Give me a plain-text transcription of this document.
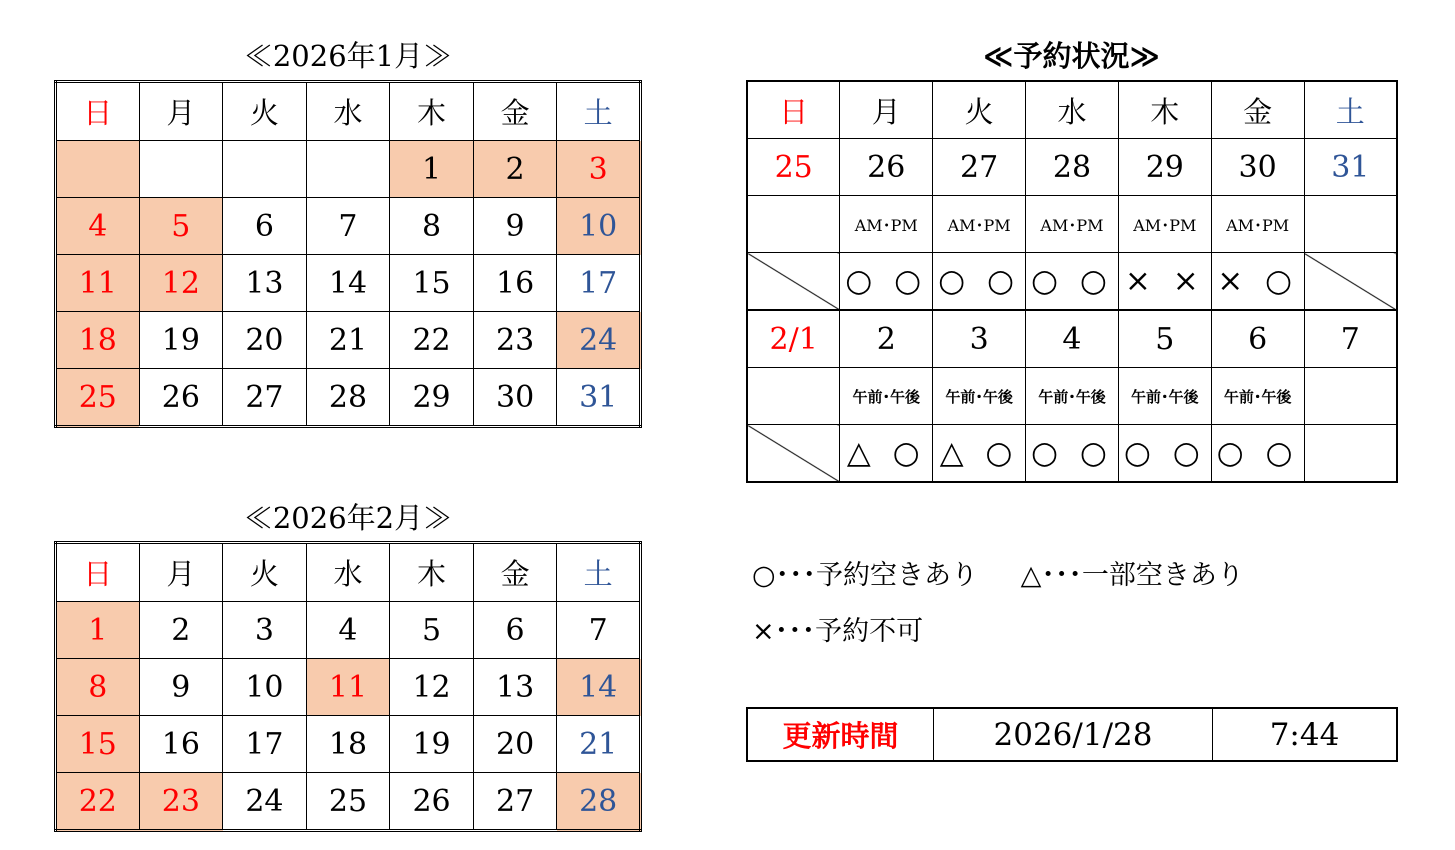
≪2026年1月≫
日	月	火	水	木	金	土
				1	2	3
4	5	6	7	8	9	10
11	12	13	14	15	16	17
18	19	20	21	22	23	24
25	26	27	28	29	30	31
≪2026年2月≫
日	月	火	水	木	金	土
1	2	3	4	5	6	7
8	9	10	11	12	13	14
15	16	17	18	19	20	21
22	23	24	25	26	27	28
≪予約状況≫
日	月	火	水	木	金	土
25	26	27	28	29	30	31
	AM･PM	AM･PM	AM･PM	AM･PM	AM･PM	
	○ ○	○ ○	○ ○	× ×	× ○	
2/1	2	3	4	5	6	7
	午前･午後	午前･午後	午前･午後	午前･午後	午前･午後	
	△ ○	△ ○	○ ○	○ ○	○ ○	
○･･･予約空きあり △･･･一部空きあり
×･･･予約不可
更新時間	2026/1/28	7:44
